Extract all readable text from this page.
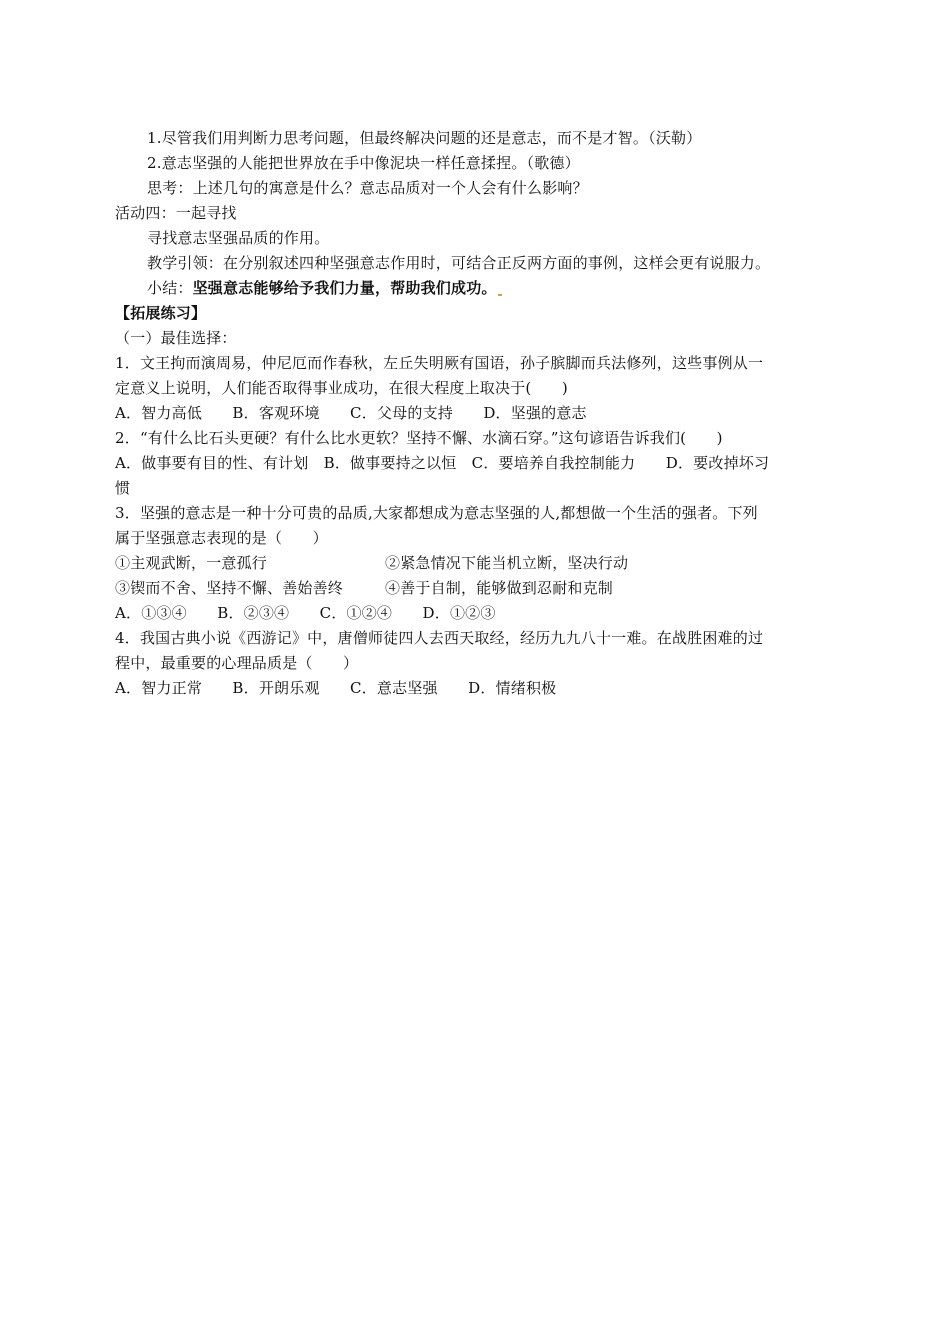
1.尽管我们用判断力思考问题，但最终解决问题的还是意志，而不是才智。（沃勒）
2.意志坚强的人能把世界放在手中像泥块一样任意揉捏。（歌德）
思考：上述几句的寓意是什么？意志品质对一个人会有什么影响？
活动四：一起寻找
寻找意志坚强品质的作用。
教学引领：在分别叙述四种坚强意志作用时，可结合正反两方面的事例，这样会更有说服力。
小结：坚强意志能够给予我们力量，帮助我们成功。
【拓展练习】
（一）最佳选择：
1．文王拘而演周易，仲尼厄而作春秋，左丘失明厥有国语，孙子膑脚而兵法修列，这些事例从一
定意义上说明，人们能否取得事业成功，在很大程度上取决于(　　)
A．智力高低　　B．客观环境　　C．父母的支持　　D．坚强的意志
2．“有什么比石头更硬？有什么比水更软？坚持不懈、水滴石穿。”这句谚语告诉我们(　　)
A．做事要有目的性、有计划　B．做事要持之以恒　C．要培养自我控制能力　　D．要改掉坏习
惯
3．坚强的意志是一种十分可贵的品质,大家都想成为意志坚强的人,都想做一个生活的强者。下列
属于坚强意志表现的是（　　）
①主观武断，一意孤行	②紧急情况下能当机立断，坚决行动
③锲而不舍、坚持不懈、善始善终	④善于自制，能够做到忍耐和克制
A．①③④　　B．②③④　　C．①②④　　D．①②③
4．我国古典小说《西游记》中，唐僧师徒四人去西天取经，经历九九八十一难。在战胜困难的过
程中，最重要的心理品质是（　　）
A．智力正常　　B．开朗乐观　　C．意志坚强　　D．情绪积极
